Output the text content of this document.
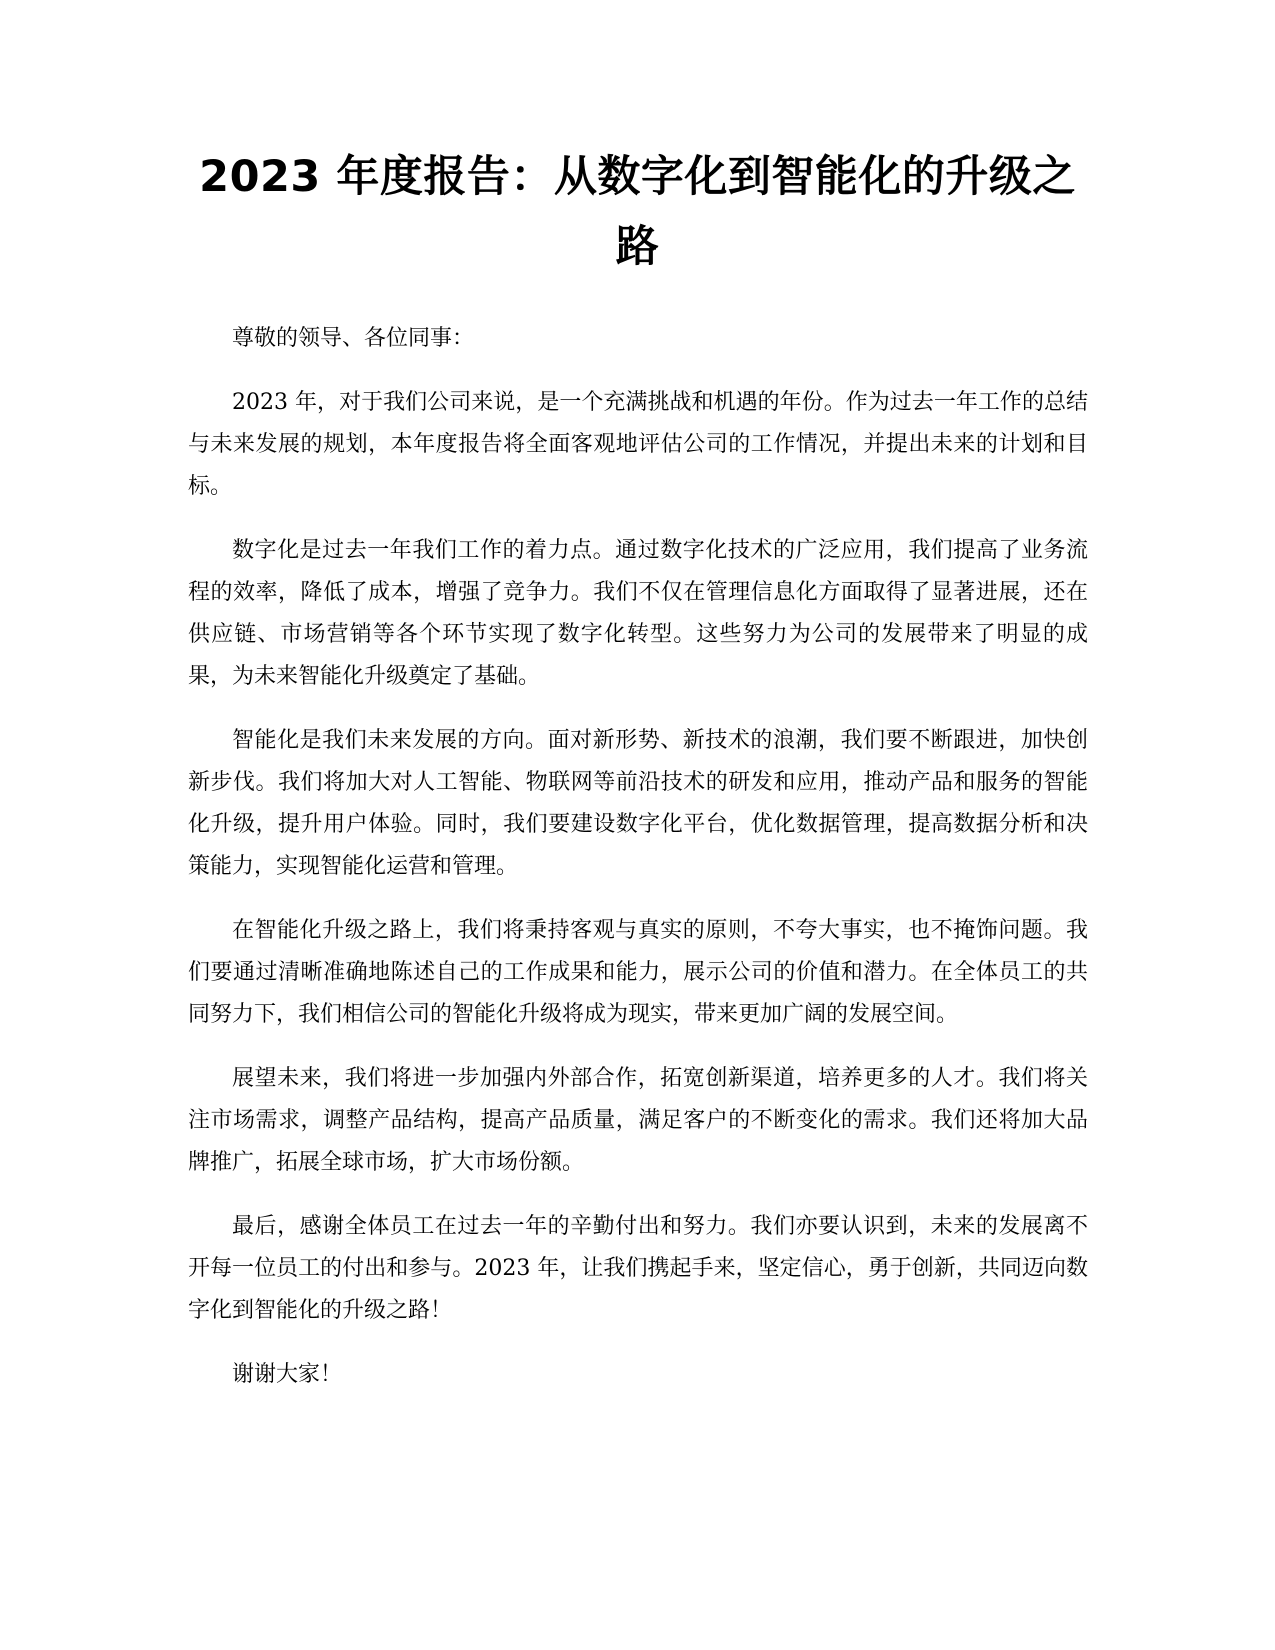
2023 年度报告：从数字化到智能化的升级之路

尊敬的领导、各位同事：

2023 年，对于我们公司来说，是一个充满挑战和机遇的年份。作为过去一年工作的总结与未来发展的规划，本年度报告将全面客观地评估公司的工作情况，并提出未来的计划和目标。

数字化是过去一年我们工作的着力点。通过数字化技术的广泛应用，我们提高了业务流程的效率，降低了成本，增强了竞争力。我们不仅在管理信息化方面取得了显著进展，还在供应链、市场营销等各个环节实现了数字化转型。这些努力为公司的发展带来了明显的成果，为未来智能化升级奠定了基础。

智能化是我们未来发展的方向。面对新形势、新技术的浪潮，我们要不断跟进，加快创新步伐。我们将加大对人工智能、物联网等前沿技术的研发和应用，推动产品和服务的智能化升级，提升用户体验。同时，我们要建设数字化平台，优化数据管理，提高数据分析和决策能力，实现智能化运营和管理。

在智能化升级之路上，我们将秉持客观与真实的原则，不夸大事实，也不掩饰问题。我们要通过清晰准确地陈述自己的工作成果和能力，展示公司的价值和潜力。在全体员工的共同努力下，我们相信公司的智能化升级将成为现实，带来更加广阔的发展空间。

展望未来，我们将进一步加强内外部合作，拓宽创新渠道，培养更多的人才。我们将关注市场需求，调整产品结构，提高产品质量，满足客户的不断变化的需求。我们还将加大品牌推广，拓展全球市场，扩大市场份额。

最后，感谢全体员工在过去一年的辛勤付出和努力。我们亦要认识到，未来的发展离不开每一位员工的付出和参与。2023 年，让我们携起手来，坚定信心，勇于创新，共同迈向数字化到智能化的升级之路！

谢谢大家！
